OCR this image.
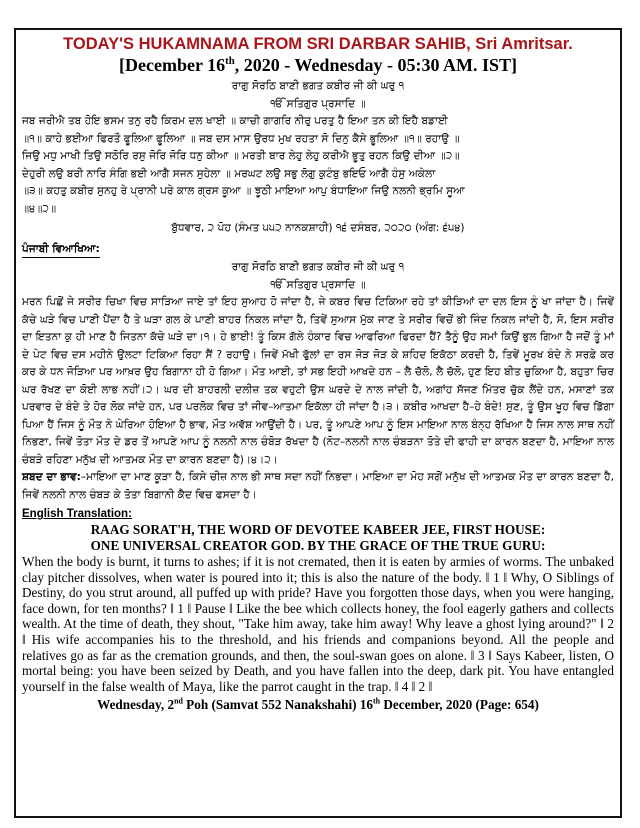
TODAY'S HUKAMNAMA FROM SRI DARBAR SAHIB, Sri Amritsar.

[December 16th, 2020 - Wednesday - 05:30 AM. IST]

ਰਾਗੁ ਸੋਰਠਿ ਬਾਣੀ ਭਗਤ ਕਬੀਰ ਜੀ ਕੀ ਘਰੁ ੧

ੴ ਸਤਿਗੁਰ ਪ੍ਰਸਾਦਿ ॥

ਜਬ ਜਰੀਐ ਤਬ ਹੋਇ ਭਸਮ ਤਨੁ ਰਹੈ ਕਿਰਮ ਦਲ ਖਾਈ ॥ ਕਾਚੀ ਗਾਗਰਿ ਨੀਰੁ ਪਰਤੁ ਹੈ ਇਆ ਤਨ ਕੀ ਇਹੈ ਬਡਾਈ

॥੧॥ ਕਾਹੇ ਭਈਆ ਫਿਰਤੌ ਫੂਲਿਆ ਫੂਲਿਆ ॥ ਜਬ ਦਸ ਮਾਸ ਉਰਧ ਮੁਖ ਰਹਤਾ ਸੋ ਦਿਨੁ ਕੈਸੇ ਭੂਲਿਆ ॥੧॥ ਰਹਾਉ ॥

ਜਿਉ ਮਧੁ ਮਾਖੀ ਤਿਉ ਸਠੋਰਿ ਰਸੁ ਜੋਰਿ ਜੋਰਿ ਧਨੁ ਕੀਆ ॥ ਮਰਤੀ ਬਾਰ ਲੇਹੁ ਲੇਹੁ ਕਰੀਐ ਭੂਤੁ ਰਹਨ ਕਿਉ ਦੀਆ ॥੨॥

ਦੇਹੁਰੀ ਲਉ ਬਰੀ ਨਾਰਿ ਸੰਗਿ ਭਈ ਆਗੈ ਸਜਨ ਸੁਹੇਲਾ ॥ ਮਰਘਟ ਲਉ ਸਭੁ ਲੋਗੁ ਕੁਟੰਬੁ ਭਇਓ ਆਗੈ ਹੰਸੁ ਅਕੇਲਾ

॥੩॥ ਕਹਤੁ ਕਬੀਰ ਸੁਨਹੁ ਰੇ ਪ੍ਰਾਨੀ ਪਰੇ ਕਾਲ ਗ੍ਰਸ ਕੂਆ ॥ ਝੂਠੀ ਮਾਇਆ ਆਪੁ ਬੰਧਾਇਆ ਜਿਉ ਨਲਨੀ ਭ੍ਰਮਿ ਸੂਆ

॥੪॥੨॥

ਬੁੱਧਵਾਰ, ੨ ਪੋਹ (ਸੰਮਤ ੫੫੨ ਨਾਨਕਸ਼ਾਹੀ) ੧੬ ਦਸੰਬਰ, ੨੦੨੦ (ਅੰਗ: ੬੫੪)

ਪੰਜਾਬੀ ਵਿਆਖਿਆ:

ਰਾਗੁ ਸੋਰਠਿ ਬਾਣੀ ਭਗਤ ਕਬੀਰ ਜੀ ਕੀ ਘਰੁ ੧

ੴ ਸਤਿਗੁਰ ਪ੍ਰਸਾਦਿ ॥

ਮਰਨ ਪਿਛੋਂ ਜੇ ਸਰੀਰ ਚਿਖਾ ਵਿਚ ਸਾੜਿਆ ਜਾਏ ਤਾਂ ਇਹ ਸੁਆਹ ਹੋ ਜਾਂਦਾ ਹੈ, ਜੇ ਕਬਰ ਵਿਚ ਟਿਕਿਆ ਰਹੇ ਤਾਂ ਕੀੜਿਆਂ ਦਾ ਦਲ ਇਸ ਨੂੰ ਖਾ ਜਾਂਦਾ ਹੈ। ਜਿਵੇਂ ਕੱਚੇ ਘੜੇ ਵਿਚ ਪਾਣੀ ਪੈਂਦਾ ਹੈ ਤੇ ਘੜਾ ਗਲ ਕੇ ਪਾਣੀ ਬਾਹਰ ਨਿਕਲ ਜਾਂਦਾ ਹੈ, ਤਿਵੇਂ ਸੁਆਸ ਮੁੱਕ ਜਾਣ ਤੇ ਸਰੀਰ ਵਿਚੋਂ ਭੀ ਜਿੰਦ ਨਿਕਲ ਜਾਂਦੀ ਹੈ, ਸੋ, ਇਸ ਸਰੀਰ ਦਾ ਇਤਨਾ ਕੁ ਹੀ ਮਾਣ ਹੈ ਜਿਤਨਾ ਕੱਚੇ ਘੜੇ ਦਾ।੧। ਹੇ ਭਾਈ! ਤੂੰ ਕਿਸ ਗੱਲੇ ਹੰਕਾਰ ਵਿਚ ਆਫਰਿਆ ਫਿਰਦਾ ਹੈਂ? ਤੈਨੂੰ ਉਹ ਸਮਾਂ ਕਿਉਂ ਭੁਲ ਗਿਆ ਹੈ ਜਦੋਂ ਤੂੰ ਮਾਂ ਦੇ ਪੇਟ ਵਿਚ ਦਸ ਮਹੀਨੇ ਉਲਟਾ ਟਿਕਿਆ ਰਿਹਾ ਸੈਂ ? ਰਹਾਉ। ਜਿਵੇਂ ਮੱਖੀ ਫੁੱਲਾਂ ਦਾ ਰਸ ਜੋੜ ਜੋੜ ਕੇ ਸ਼ਹਿਦ ਇਕੱਠਾ ਕਰਦੀ ਹੈ, ਤਿਵੇਂ ਮੂਰਖ ਬੰਦੇ ਨੇ ਸਰਫ਼ੇ ਕਰ ਕਰ ਕੇ ਧਨ ਜੋੜਿਆ ਪਰ ਆਖ਼ਰ ਉਹ ਬਿਗਾਨਾ ਹੀ ਹੋ ਗਿਆ। ਮੌਤ ਆਈ, ਤਾਂ ਸਭ ਇਹੀ ਆਖਦੇ ਹਨ – ਲੈ ਚੱਲੋ, ਲੈ ਚੱਲੋ, ਹੁਣ ਇਹ ਬੀਤ ਚੁਕਿਆ ਹੈ, ਬਹੁਤਾ ਚਿਰ ਘਰ ਰੱਖਣ ਦਾ ਕੋਈ ਲਾਭ ਨਹੀਂ।੨। ਘਰ ਦੀ ਬਾਹਰਲੀ ਦਲੀਜ਼ ਤਕ ਵਹੁਟੀ ਉਸ ਘਰਦੇ ਦੇ ਨਾਲ ਜਾਂਦੀ ਹੈ, ਅਗਾਂਹ ਸੱਜਣ ਮਿੱਤਰ ਚੁੱਕ ਲੈਂਦੇ ਹਨ, ਮਸਾਣਾਂ ਤਕ ਪਰਵਾਰ ਦੇ ਬੰਦੇ ਤੇ ਹੋਰ ਲੋਕ ਜਾਂਦੇ ਹਨ, ਪਰ ਪਰਲੋਕ ਵਿਚ ਤਾਂ ਜੀਵ–ਆਤਮਾ ਇਕੱਲਾ ਹੀ ਜਾਂਦਾ ਹੈ।੩। ਕਬੀਰ ਆਖਦਾ ਹੈ–ਹੇ ਬੰਦੇ! ਸੁਣ, ਤੂੰ ਉਸ ਖੂਹ ਵਿਚ ਡਿੱਗਾ ਪਿਆ ਹੈਂ ਜਿਸ ਨੂੰ ਮੌਤ ਨੇ ਘੇਰਿਆ ਹੋਇਆ ਹੈ ਭਾਵ, ਮੌਤ ਅਵੱਸ਼ ਆਉਂਦੀ ਹੈ। ਪਰ, ਤੂੰ ਆਪਣੇ ਆਪ ਨੂੰ ਇਸ ਮਾਇਆ ਨਾਲ ਬੰਨ੍ਹ ਰੱਖਿਆ ਹੈ ਜਿਸ ਨਾਲ ਸਾਥ ਨਹੀਂ ਨਿਭਣਾ, ਜਿਵੇਂ ਤੋਤਾ ਮੌਤ ਦੇ ਡਰ ਤੋਂ ਆਪਣੇ ਆਪ ਨੂੰ ਨਲਨੀ ਨਾਲ ਚੰਬੋੜ ਰੱਖਦਾ ਹੈ (ਨੋਟ–ਨਲਨੀ ਨਾਲ ਚੰਬੜਨਾ ਤੋਤੇ ਦੀ ਫਾਹੀ ਦਾ ਕਾਰਨ ਬਣਦਾ ਹੈ, ਮਾਇਆ ਨਾਲ ਚੰਬੜੇ ਰਹਿਣਾ ਮਨੁੱਖ ਦੀ ਆਤਮਕ ਮੌਤ ਦਾ ਕਾਰਨ ਬਣਦਾ ਹੈ)।੪।੨।

ਸ਼ਬਦ ਦਾ ਭਾਵ:–ਮਾਇਆ ਦਾ ਮਾਣ ਕੂੜਾ ਹੈ, ਕਿਸੇ ਚੀਜ਼ ਨਾਲ ਭੀ ਸਾਥ ਸਦਾ ਨਹੀਂ ਨਿਭਦਾ। ਮਾਇਆ ਦਾ ਮੋਹ ਸਗੋਂ ਮਨੁੱਖ ਦੀ ਆਤਮਕ ਮੌਤ ਦਾ ਕਾਰਨ ਬਣਦਾ ਹੈ, ਜਿਵੇਂ ਨਲਨੀ ਨਾਲ ਚੰਬੜ ਕੇ ਤੋਤਾ ਬਿਗਾਨੀ ਕੈਦ ਵਿਚ ਫਸਦਾ ਹੈ।

English Translation:

RAAG SORAT'H, THE WORD OF DEVOTEE KABEER JEE, FIRST HOUSE:

ONE UNIVERSAL CREATOR GOD. BY THE GRACE OF THE TRUE GURU:

When the body is burnt, it turns to ashes; if it is not cremated, then it is eaten by armies of worms. The unbaked clay pitcher dissolves, when water is poured into it; this is also the nature of the body. ‖ 1 ‖ Why, O Siblings of Destiny, do you strut around, all puffed up with pride? Have you forgotten those days, when you were hanging, face down, for ten months? ‖ 1 ‖ Pause ‖ Like the bee which collects honey, the fool eagerly gathers and collects wealth. At the time of death, they shout, "Take him away, take him away! Why leave a ghost lying around?" ‖ 2 ‖ His wife accompanies his to the threshold, and his friends and companions beyond. All the people and relatives go as far as the cremation grounds, and then, the soul-swan goes on alone. ‖ 3 ‖ Says Kabeer, listen, O mortal being: you have been seized by Death, and you have fallen into the deep, dark pit. You have entangled yourself in the false wealth of Maya, like the parrot caught in the trap. ‖ 4 ‖ 2 ‖

Wednesday, 2nd Poh (Samvat 552 Nanakshahi) 16th December, 2020 (Page: 654)
